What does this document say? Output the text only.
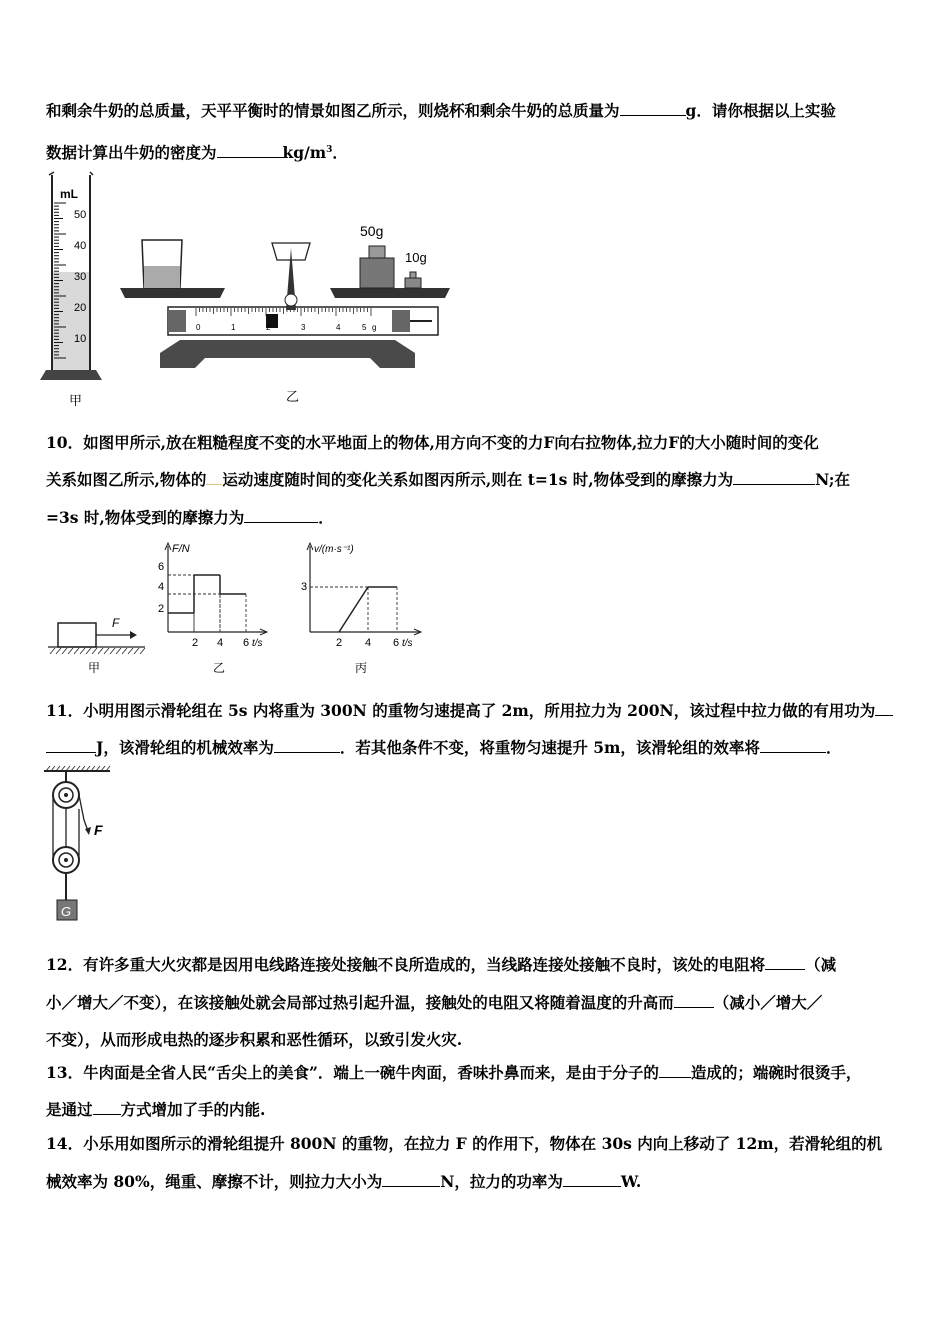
和剩余牛奶的总质量，天平平衡时的情景如图乙所示，则烧杯和剩余牛奶的总质量为	g．请你根据以上实验
数据计算出牛奶的密度为	$kg/m^3$．
mL
50
40
30
20
10
0	1	2	3	4	5 g
50g
10g
甲	乙
10．如图甲所示,放在粗糙程度不变的水平地面上的物体,用方向不变的力F向右拉物体,拉力F的大小随时间的变化
关系如图乙所示,物体的 运动速度随时间的变化关系如图丙所示,则在 t=1s 时,物体受到的摩擦力为	N;在
=3s 时,物体受到的摩擦力为	．
F
F/N
6
4
2
2 4 6 t/s
v/(m·s⁻¹)
3
2 4 6 t/s
甲	乙	丙
11．小明用图示滑轮组在 5s 内将重为 300N 的重物匀速提高了 2m，所用拉力为 200N，该过程中拉力做的有用功为
J，该滑轮组的机械效率为	．若其他条件不变，将重物匀速提升 5m，该滑轮组的效率将	．
F
G
12．有许多重大火灾都是因用电线路连接处接触不良所造成的，当线路连接处接触不良时，该处的电阻将	（减
小／增大／不变），在该接触处就会局部过热引起升温，接触处的电阻又将随着温度的升高而	（减小／增大／
不变），从而形成电热的逐步积累和恶性循环，以致引发火灾.
13．牛肉面是全省人民“舌尖上的美食”．端上一碗牛肉面，香味扑鼻而来，是由于分子的 造成的；端碗时很烫手，
是通过 方式增加了手的内能.
14．小乐用如图所示的滑轮组提升 800N 的重物，在拉力 F 的作用下，物体在 30s 内向上移动了 12m，若滑轮组的机
械效率为 80%，绳重、摩擦不计，则拉力大小为	N，拉力的功率为	W.
